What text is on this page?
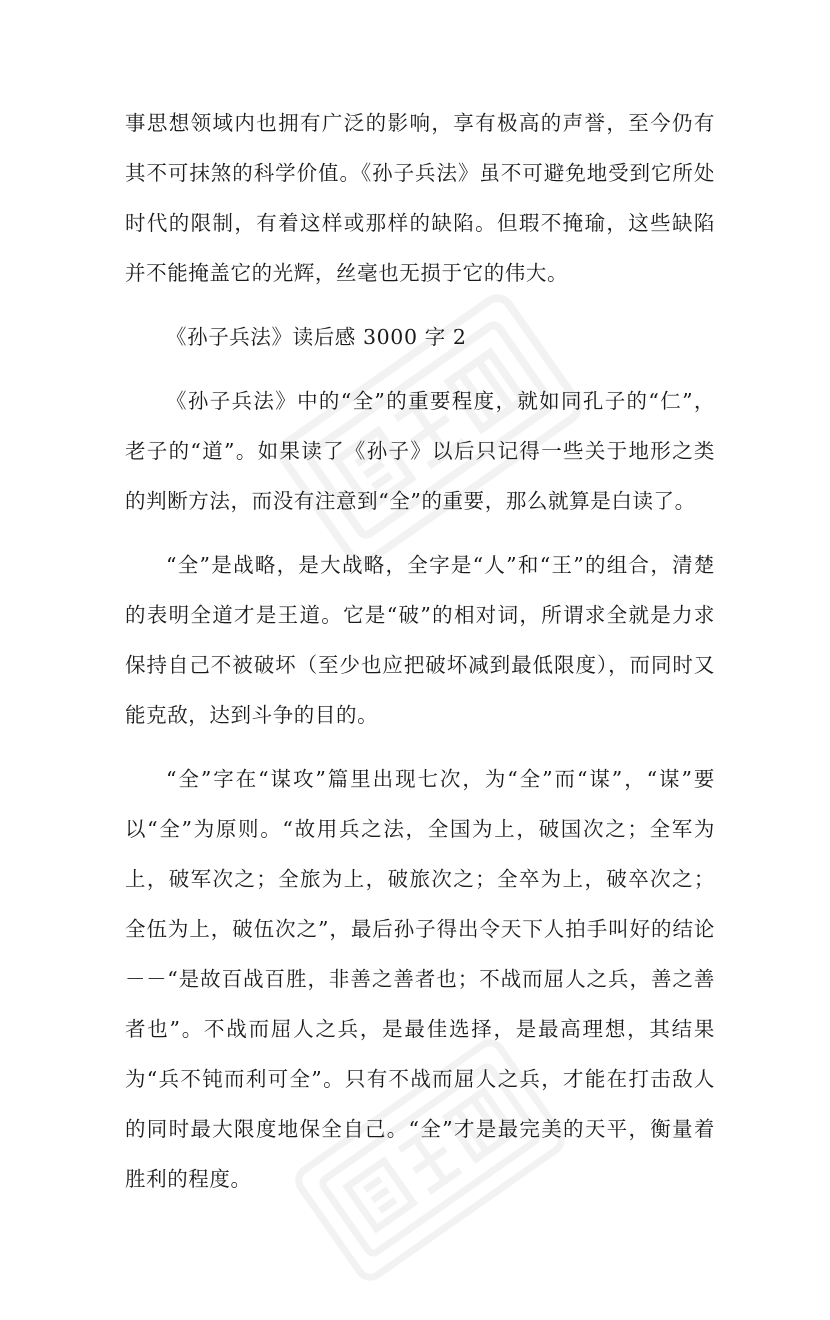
事思想领域内也拥有广泛的影响，享有极高的声誉，至今仍有其不可抹煞的科学价值。《孙子兵法》虽不可避免地受到它所处时代的限制，有着这样或那样的缺陷。但瑕不掩瑜，这些缺陷并不能掩盖它的光辉，丝毫也无损于它的伟大。

《孙子兵法》读后感 3000 字 2

《孙子兵法》中的“全”的重要程度，就如同孔子的“仁”，老子的“道”。如果读了《孙子》以后只记得一些关于地形之类的判断方法，而没有注意到“全”的重要，那么就算是白读了。

“全”是战略，是大战略，全字是“人”和“王”的组合，清楚的表明全道才是王道。它是“破”的相对词，所谓求全就是力求保持自己不被破坏（至少也应把破坏减到最低限度），而同时又能克敌，达到斗争的目的。

“全”字在“谋攻”篇里出现七次，为“全”而“谋”，“谋”要以“全”为原则。“故用兵之法，全国为上，破国次之；全军为上，破军次之；全旅为上，破旅次之；全卒为上，破卒次之；全伍为上，破伍次之”，最后孙子得出令天下人拍手叫好的结论－－“是故百战百胜，非善之善者也；不战而屈人之兵，善之善者也”。不战而屈人之兵，是最佳选择，是最高理想，其结果为“兵不钝而利可全”。只有不战而屈人之兵，才能在打击敌人的同时最大限度地保全自己。“全”才是最完美的天平，衡量着胜利的程度。
